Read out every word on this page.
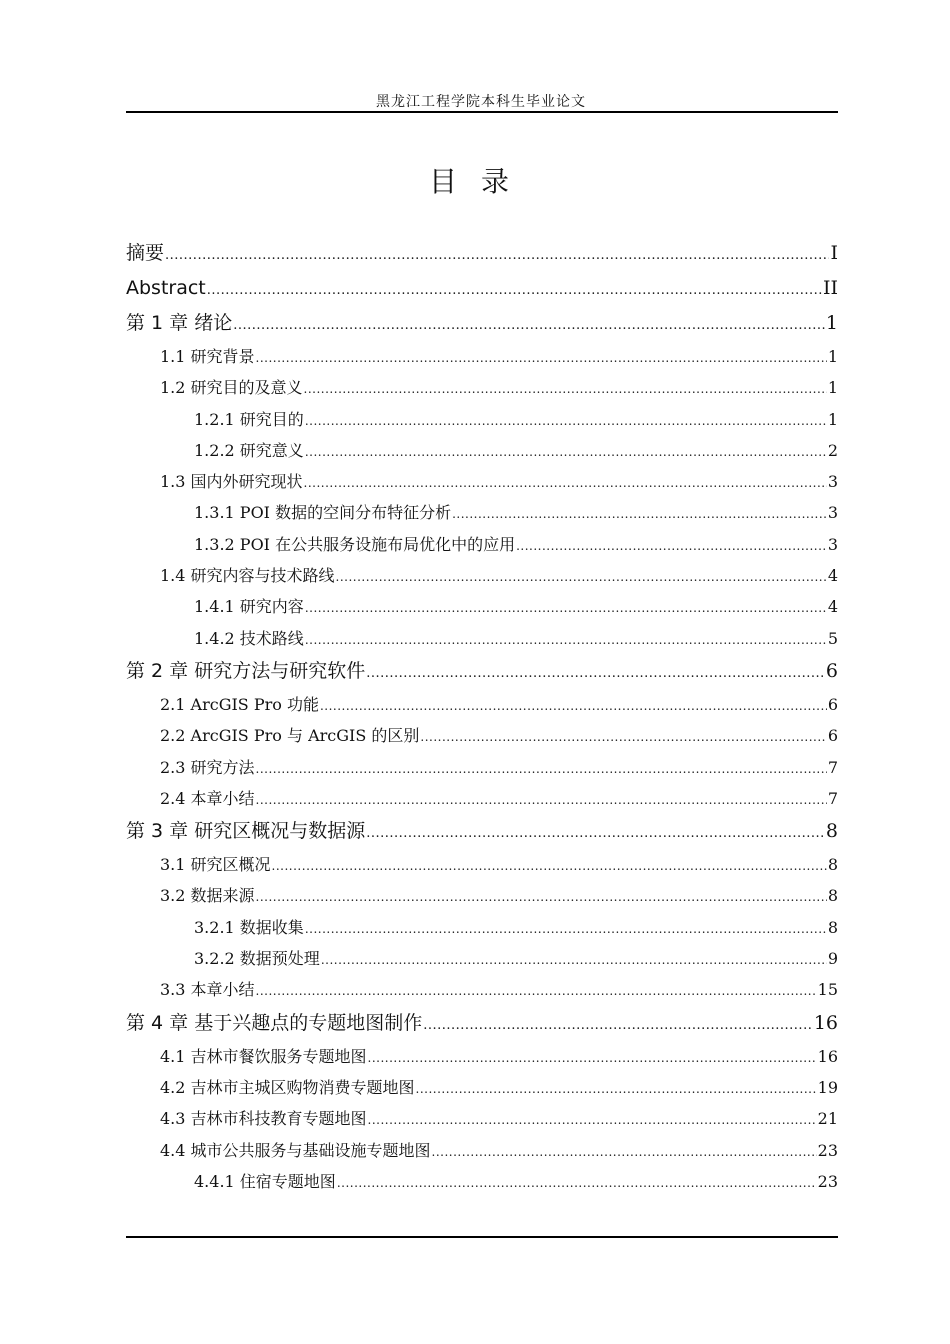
黑龙江工程学院本科生毕业论文
目录
摘要 .....	I
Abstract .....	II
第 1 章 绪论 .....	1
1.1 研究背景 .....	1
1.2 研究目的及意义 .....	1
1.2.1 研究目的 .....	1
1.2.2 研究意义 .....	2
1.3 国内外研究现状 .....	3
1.3.1 POI 数据的空间分布特征分析 .....	3
1.3.2 POI 在公共服务设施布局优化中的应用 .....	3
1.4 研究内容与技术路线 .....	4
1.4.1 研究内容 .....	4
1.4.2 技术路线 .....	5
第 2 章 研究方法与研究软件 .....	6
2.1 ArcGIS Pro 功能 .....	6
2.2 ArcGIS Pro 与 ArcGIS 的区别 .....	6
2.3 研究方法 .....	7
2.4 本章小结 .....	7
第 3 章 研究区概况与数据源 .....	8
3.1 研究区概况 .....	8
3.2 数据来源 .....	8
3.2.1 数据收集 .....	8
3.2.2 数据预处理 .....	9
3.3 本章小结 .....	15
第 4 章 基于兴趣点的专题地图制作 .....	16
4.1 吉林市餐饮服务专题地图 .....	16
4.2 吉林市主城区购物消费专题地图 .....	19
4.3 吉林市科技教育专题地图 .....	21
4.4 城市公共服务与基础设施专题地图 .....	23
4.4.1 住宿专题地图 .....	23
